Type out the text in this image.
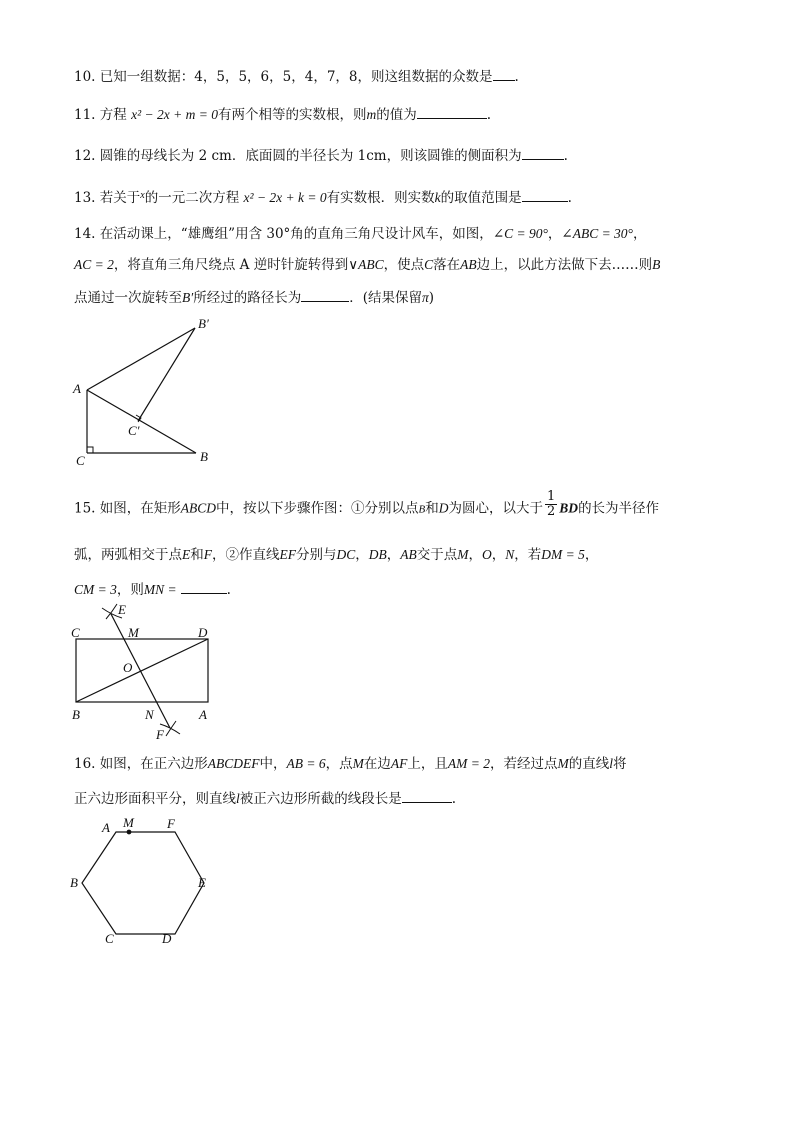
10. 已知一组数据：4，5，5，6，5，4，7，8，则这组数据的众数是 .
11. 方程 x² − 2x + m = 0有两个相等的实数根，则m的值为	.
12. 圆锥的母线长为 2 cm．底面圆的半径长为 1cm，则该圆锥的侧面积为	.
13. 若关于$^x$的一元二次方程 x² − 2x + k = 0有实数根．则实数k的取值范围是	.
14. 在活动课上，“雄鹰组”用含 30°角的直角三角尺设计风车，如图，∠C = 90°，∠ABC = 30°，
AC = 2，将直角三角尺绕点 A 逆时针旋转得到∨ABC，使点C落在AB边上，以此方法做下去……则B
点通过一次旋转至B′所经过的路径长为	．(结果保留π)
A
B
C
B′
C′
15. 如图，在矩形ABCD中，按以下步骤作图：①分别以点B和D为圆心，以大于 $\frac{1}{2}$ BD的长为半径作
弧，两弧相交于点E和F，②作直线EF分别与DC，DB，AB交于点M，O，N，若DM = 5，
CM = 3，则MN =	.
E
F
C	M	D
O
B	N	A
16. 如图，在正六边形ABCDEF中，AB = 6，点M在边AF上，且AM = 2，若经过点M的直线l将
正六边形面积平分，则直线l被正六边形所截的线段长是	.
A M	F
B	E
C	D
